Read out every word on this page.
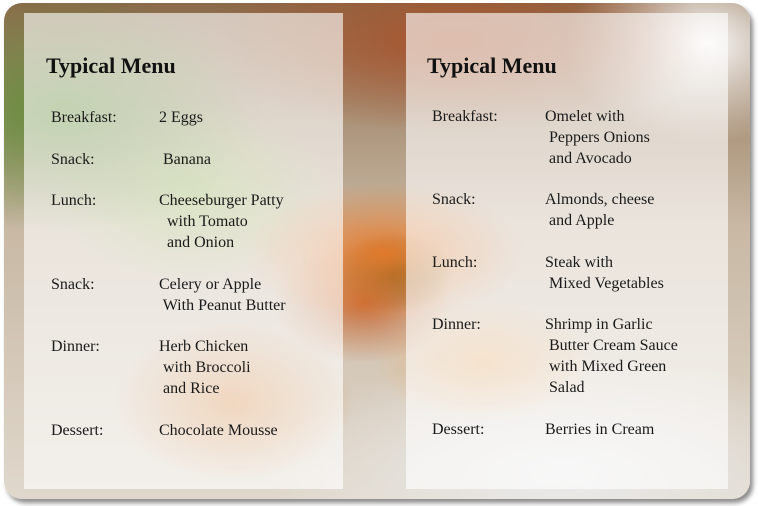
Typical Menu
Breakfast:	2 Eggs
Snack:	Banana
Lunch:	Cheeseburger Patty
with Tomato
and Onion
Snack:	Celery or Apple
With Peanut Butter
Dinner:	Herb Chicken
with Broccoli
and Rice
Dessert:	Chocolate Mousse
Typical Menu
Breakfast:	Omelet with
Peppers Onions
and Avocado
Snack:	Almonds, cheese
and Apple
Lunch:	Steak with
Mixed Vegetables
Dinner:	Shrimp in Garlic
Butter Cream Sauce
with Mixed Green
Salad
Dessert:	Berries in Cream
